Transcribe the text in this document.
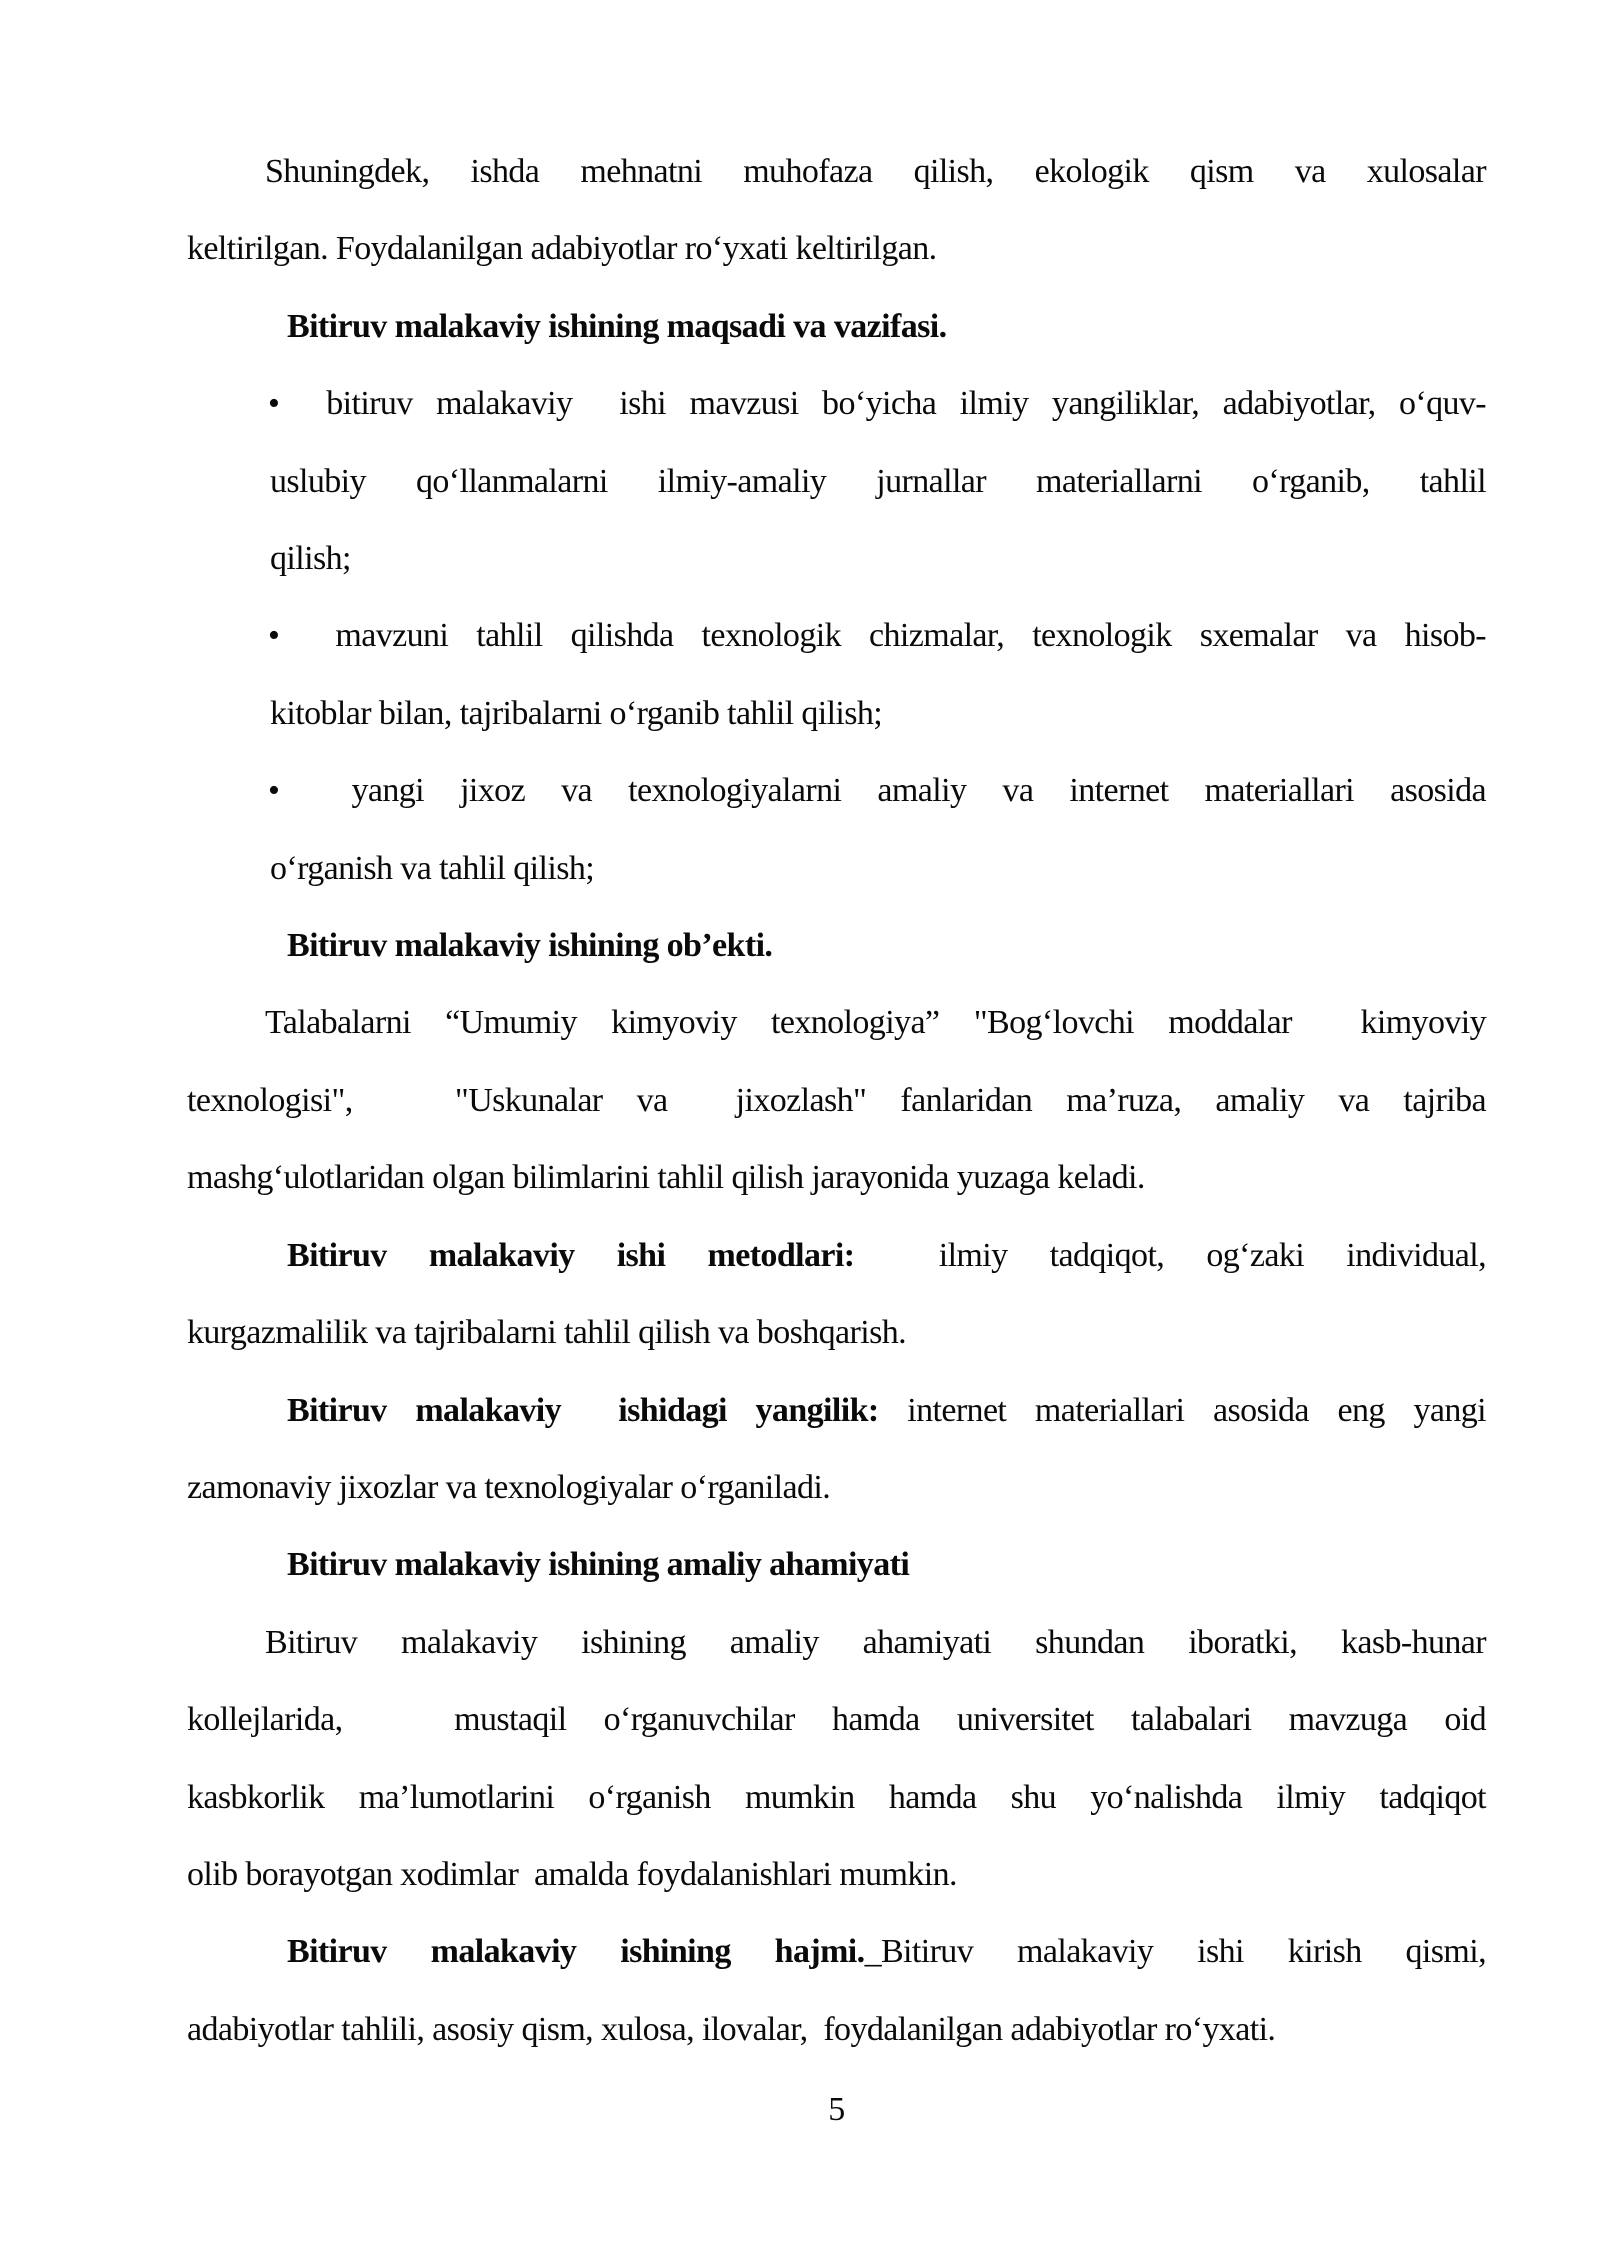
Shuningdek, ishda mehnatni muhofaza qilish, ekologik qism va xulosalar
keltirilgan. Foydalanilgan adabiyotlar ro‘yxati keltirilgan.
Bitiruv malakaviy ishining maqsadi va vazifasi.
•  bitiruv malakaviy  ishi mavzusi bo‘yicha ilmiy yangiliklar, adabiyotlar, o‘quv-
uslubiy qo‘llanmalarni ilmiy-amaliy jurnallar materiallarni o‘rganib, tahlil
qilish;
•  mavzuni tahlil qilishda texnologik chizmalar, texnologik sxemalar va hisob-
kitoblar bilan, tajribalarni o‘rganib tahlil qilish;
•  yangi jixoz va texnologiyalarni amaliy va internet materiallari asosida
o‘rganish va tahlil qilish;
Bitiruv malakaviy ishining ob’ekti.
Talabalarni “Umumiy kimyoviy texnologiya” "Bog‘lovchi moddalar  kimyoviy
texnologisi",   "Uskunalar va  jixozlash" fanlaridan ma’ruza, amaliy va tajriba
mashg‘ulotlaridan olgan bilimlarini tahlil qilish jarayonida yuzaga keladi.
Bitiruv malakaviy ishi metodlari:  ilmiy tadqiqot, og‘zaki individual,
kurgazmalilik va tajribalarni tahlil qilish va boshqarish.
Bitiruv malakaviy  ishidagi yangilik: internet materiallari asosida eng yangi
zamonaviy jixozlar va texnologiyalar o‘rganiladi.
Bitiruv malakaviy ishining amaliy ahamiyati
Bitiruv malakaviy ishining amaliy ahamiyati shundan iboratki, kasb-hunar
kollejlarida,   mustaqil o‘rganuvchilar hamda universitet talabalari mavzuga oid
kasbkorlik ma’lumotlarini o‘rganish mumkin hamda shu yo‘nalishda ilmiy tadqiqot
olib borayotgan xodimlar  amalda foydalanishlari mumkin.
Bitiruv malakaviy ishining hajmi._Bitiruv malakaviy ishi kirish qismi,
adabiyotlar tahlili, asosiy qism, xulosa, ilovalar,  foydalanilgan adabiyotlar ro‘yxati.
5
